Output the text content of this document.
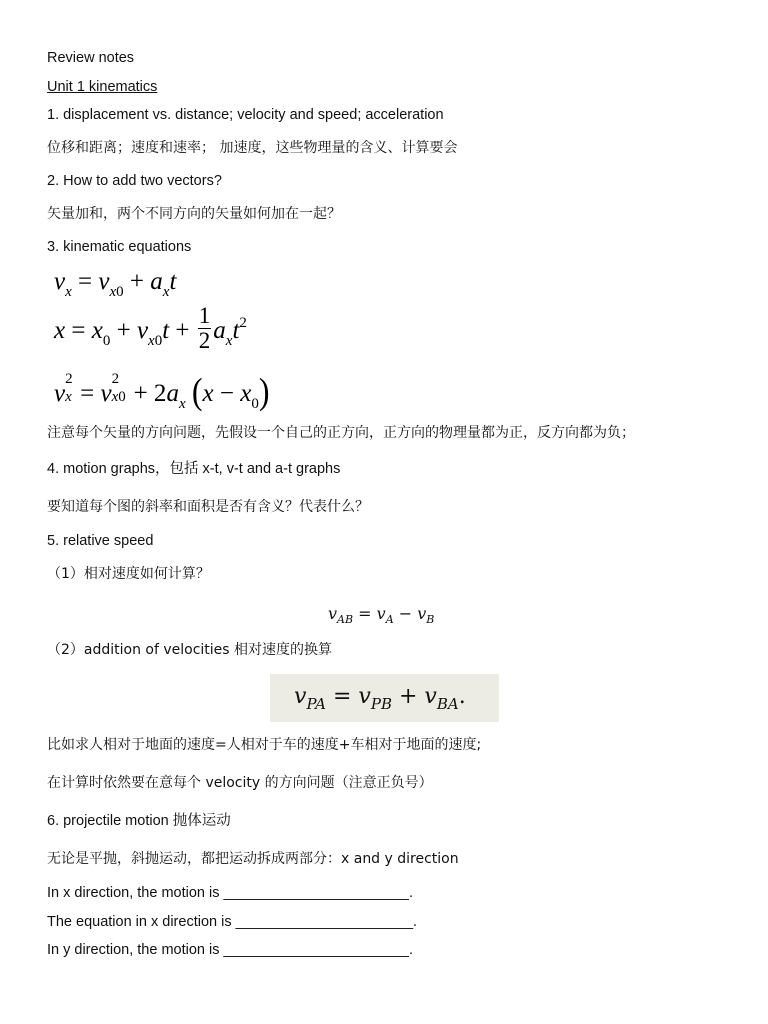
Review notes
Unit 1 kinematics
1. displacement vs. distance; velocity and speed; acceleration
位移和距离；速度和速率； 加速度，这些物理量的含义、计算要会
2. How to add two vectors?
矢量加和，两个不同方向的矢量如何加在一起？
3. kinematic equations
$v_x = v_{x0} + a_xt$
$x = x_0 + v_{x0}t + \frac{1}{2} a_xt^2$
v
2
x = v
2
$x0 + 2a_x$ $(x - x_0)$
注意每个矢量的方向问题，先假设一个自己的正方向，正方向的物理量都为正，反方向都为负；
4. motion graphs，包括 x-t, v-t and a-t graphs
要知道每个图的斜率和面积是否有含义？代表什么？
5. relative speed
（1）相对速度如何计算？
$v_{AB} = v_A - v_B$
（2）addition of velocities 相对速度的换算
$v_{PA} = v_{PB} + v_{BA}$.
比如求人相对于地面的速度=人相对于车的速度+车相对于地面的速度;
在计算时依然要在意每个 velocity 的方向问题（注意正负号）
6. projectile motion 抛体运动
无论是平抛，斜抛运动，都把运动拆成两部分：x and y direction
In x direction, the motion is _______________________.
The equation in x direction is ______________________.
In y direction, the motion is _______________________.
